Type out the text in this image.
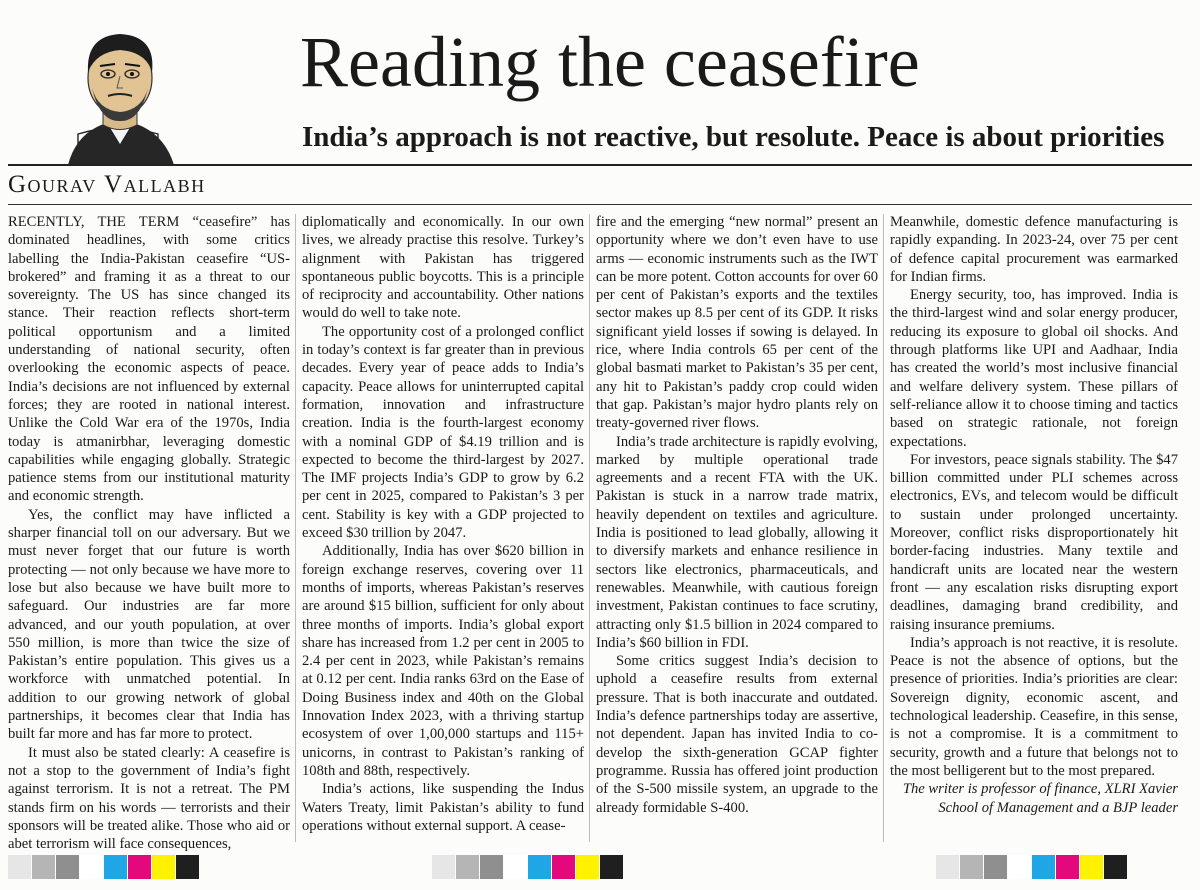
Reading the ceasefire
India’s approach is not reactive, but resolute. Peace is about priorities
Gourav Vallabh

RECENTLY, THE TERM “ceasefire” has dominated headlines, with some critics labelling the India-Pakistan ceasefire “US-brokered” and framing it as a threat to our sovereignty. The US has since changed its stance. Their reaction reflects short-term political opportunism and a limited understanding of national security, often overlooking the economic aspects of peace. India’s decisions are not influenced by external forces; they are rooted in national interest. Unlike the Cold War era of the 1970s, India today is atmanirbhar, leveraging domestic capabilities while engaging globally. Strategic patience stems from our institutional maturity and economic strength.

Yes, the conflict may have inflicted a sharper financial toll on our adversary. But we must never forget that our future is worth protecting — not only because we have more to lose but also because we have built more to safeguard. Our industries are far more advanced, and our youth population, at over 550 million, is more than twice the size of Pakistan’s entire population. This gives us a workforce with unmatched potential. In addition to our growing network of global partnerships, it becomes clear that India has built far more and has far more to protect.

It must also be stated clearly: A ceasefire is not a stop to the government of India’s fight against terrorism. It is not a retreat. The PM stands firm on his words — terrorists and their sponsors will be treated alike. Those who aid or abet terrorism will face consequences,

diplomatically and economically. In our own lives, we already practise this resolve. Turkey’s alignment with Pakistan has triggered spontaneous public boycotts. This is a principle of reciprocity and accountability. Other nations would do well to take note.

The opportunity cost of a prolonged conflict in today’s context is far greater than in previous decades. Every year of peace adds to India’s capacity. Peace allows for uninterrupted capital formation, innovation and infrastructure creation. India is the fourth-largest economy with a nominal GDP of $4.19 trillion and is expected to become the third-largest by 2027. The IMF projects India’s GDP to grow by 6.2 per cent in 2025, compared to Pakistan’s 3 per cent. Stability is key with a GDP projected to exceed $30 trillion by 2047.

Additionally, India has over $620 billion in foreign exchange reserves, covering over 11 months of imports, whereas Pakistan’s reserves are around $15 billion, sufficient for only about three months of imports. India’s global export share has increased from 1.2 per cent in 2005 to 2.4 per cent in 2023, while Pakistan’s remains at 0.12 per cent. India ranks 63rd on the Ease of Doing Business index and 40th on the Global Innovation Index 2023, with a thriving startup ecosystem of over 1,00,000 startups and 115+ unicorns, in contrast to Pakistan’s ranking of 108th and 88th, respectively.

India’s actions, like suspending the Indus Waters Treaty, limit Pakistan’s ability to fund operations without external support. A cease-

fire and the emerging “new normal” present an opportunity where we don’t even have to use arms — economic instruments such as the IWT can be more potent. Cotton accounts for over 60 per cent of Pakistan’s exports and the textiles sector makes up 8.5 per cent of its GDP. It risks significant yield losses if sowing is delayed. In rice, where India controls 65 per cent of the global basmati market to Pakistan’s 35 per cent, any hit to Pakistan’s paddy crop could widen that gap. Pakistan’s major hydro plants rely on treaty-governed river flows.

India’s trade architecture is rapidly evolving, marked by multiple operational trade agreements and a recent FTA with the UK. Pakistan is stuck in a narrow trade matrix, heavily dependent on textiles and agriculture. India is positioned to lead globally, allowing it to diversify markets and enhance resilience in sectors like electronics, pharmaceuticals, and renewables. Meanwhile, with cautious foreign investment, Pakistan continues to face scrutiny, attracting only $1.5 billion in 2024 compared to India’s $60 billion in FDI.

Some critics suggest India’s decision to uphold a ceasefire results from external pressure. That is both inaccurate and outdated. India’s defence partnerships today are assertive, not dependent. Japan has invited India to co-develop the sixth-generation GCAP fighter programme. Russia has offered joint production of the S-500 missile system, an upgrade to the already formidable S-400.

Meanwhile, domestic defence manufacturing is rapidly expanding. In 2023-24, over 75 per cent of defence capital procurement was earmarked for Indian firms.

Energy security, too, has improved. India is the third-largest wind and solar energy producer, reducing its exposure to global oil shocks. And through platforms like UPI and Aadhaar, India has created the world’s most inclusive financial and welfare delivery system. These pillars of self-reliance allow it to choose timing and tactics based on strategic rationale, not foreign expectations.

For investors, peace signals stability. The $47 billion committed under PLI schemes across electronics, EVs, and telecom would be difficult to sustain under prolonged uncertainty. Moreover, conflict risks disproportionately hit border-facing industries. Many textile and handicraft units are located near the western front — any escalation risks disrupting export deadlines, damaging brand credibility, and raising insurance premiums.

India’s approach is not reactive, it is resolute. Peace is not the absence of options, but the presence of priorities. India’s priorities are clear: Sovereign dignity, economic ascent, and technological leadership. Ceasefire, in this sense, is not a compromise. It is a commitment to security, growth and a future that belongs not to the most belligerent but to the most prepared.

The writer is professor of finance, XLRI Xavier School of Management and a BJP leader
